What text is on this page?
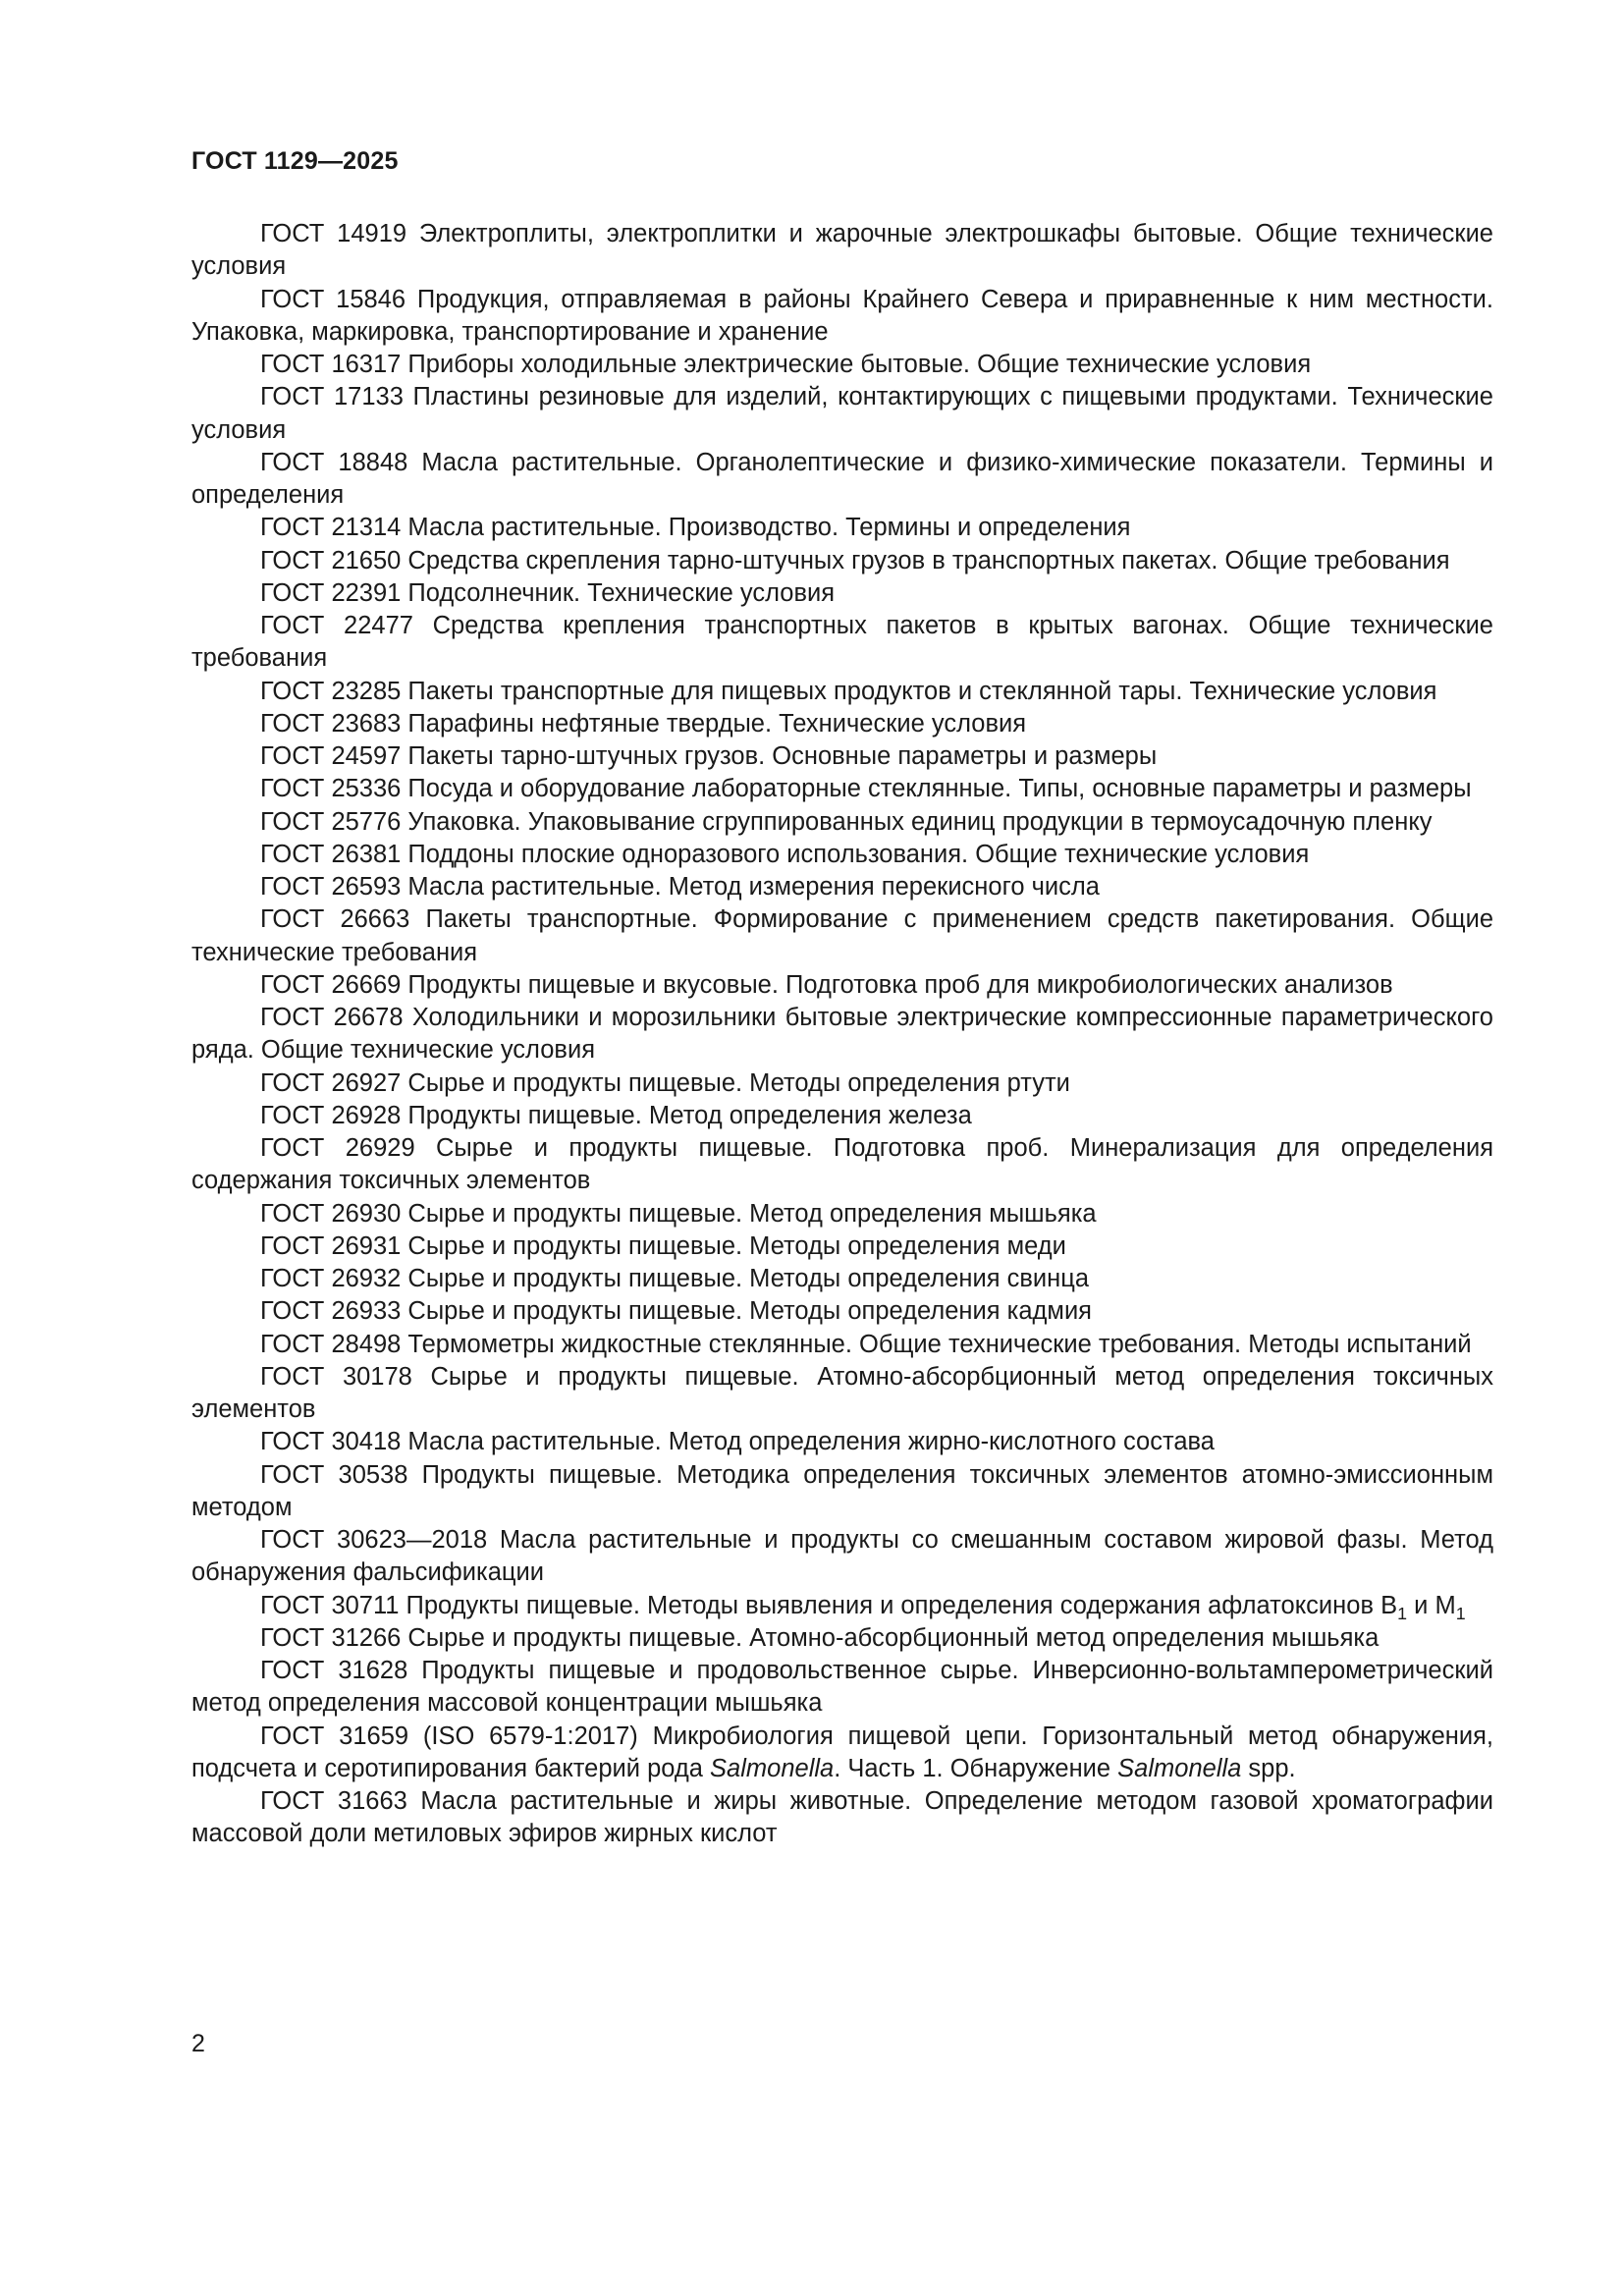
ГОСТ 1129—2025

ГОСТ 14919 Электроплиты, электроплитки и жарочные электрошкафы бытовые. Общие технические условия

ГОСТ 15846 Продукция, отправляемая в районы Крайнего Севера и приравненные к ним местности. Упаковка, маркировка, транспортирование и хранение

ГОСТ 16317 Приборы холодильные электрические бытовые. Общие технические условия

ГОСТ 17133 Пластины резиновые для изделий, контактирующих с пищевыми продуктами. Технические условия

ГОСТ 18848 Масла растительные. Органолептические и физико-химические показатели. Термины и определения

ГОСТ 21314 Масла растительные. Производство. Термины и определения

ГОСТ 21650 Средства скрепления тарно-штучных грузов в транспортных пакетах. Общие требования

ГОСТ 22391 Подсолнечник. Технические условия

ГОСТ 22477 Средства крепления транспортных пакетов в крытых вагонах. Общие технические требования

ГОСТ 23285 Пакеты транспортные для пищевых продуктов и стеклянной тары. Технические условия

ГОСТ 23683 Парафины нефтяные твердые. Технические условия

ГОСТ 24597 Пакеты тарно-штучных грузов. Основные параметры и размеры

ГОСТ 25336 Посуда и оборудование лабораторные стеклянные. Типы, основные параметры и размеры

ГОСТ 25776 Упаковка. Упаковывание сгруппированных единиц продукции в термоусадочную пленку

ГОСТ 26381 Поддоны плоские одноразового использования. Общие технические условия

ГОСТ 26593 Масла растительные. Метод измерения перекисного числа

ГОСТ 26663 Пакеты транспортные. Формирование с применением средств пакетирования. Общие технические требования

ГОСТ 26669 Продукты пищевые и вкусовые. Подготовка проб для микробиологических анализов

ГОСТ 26678 Холодильники и морозильники бытовые электрические компрессионные параметрического ряда. Общие технические условия

ГОСТ 26927 Сырье и продукты пищевые. Методы определения ртути

ГОСТ 26928 Продукты пищевые. Метод определения железа

ГОСТ 26929 Сырье и продукты пищевые. Подготовка проб. Минерализация для определения содержания токсичных элементов

ГОСТ 26930 Сырье и продукты пищевые. Метод определения мышьяка

ГОСТ 26931 Сырье и продукты пищевые. Методы определения меди

ГОСТ 26932 Сырье и продукты пищевые. Методы определения свинца

ГОСТ 26933 Сырье и продукты пищевые. Методы определения кадмия

ГОСТ 28498 Термометры жидкостные стеклянные. Общие технические требования. Методы испытаний

ГОСТ 30178 Сырье и продукты пищевые. Атомно-абсорбционный метод определения токсичных элементов

ГОСТ 30418 Масла растительные. Метод определения жирно-кислотного состава

ГОСТ 30538 Продукты пищевые. Методика определения токсичных элементов атомно-эмиссионным методом

ГОСТ 30623—2018 Масла растительные и продукты со смешанным составом жировой фазы. Метод обнаружения фальсификации

ГОСТ 30711 Продукты пищевые. Методы выявления и определения содержания афлатоксинов $В_1$ и $М_1$

ГОСТ 31266 Сырье и продукты пищевые. Атомно-абсорбционный метод определения мышьяка

ГОСТ 31628 Продукты пищевые и продовольственное сырье. Инверсионно-вольтамперометрический метод определения массовой концентрации мышьяка

ГОСТ 31659 (ISO 6579-1:2017) Микробиология пищевой цепи. Горизонтальный метод обнаружения, подсчета и серотипирования бактерий рода Salmonella. Часть 1. Обнаружение Salmonella spp.

ГОСТ 31663 Масла растительные и жиры животные. Определение методом газовой хроматографии массовой доли метиловых эфиров жирных кислот

2
